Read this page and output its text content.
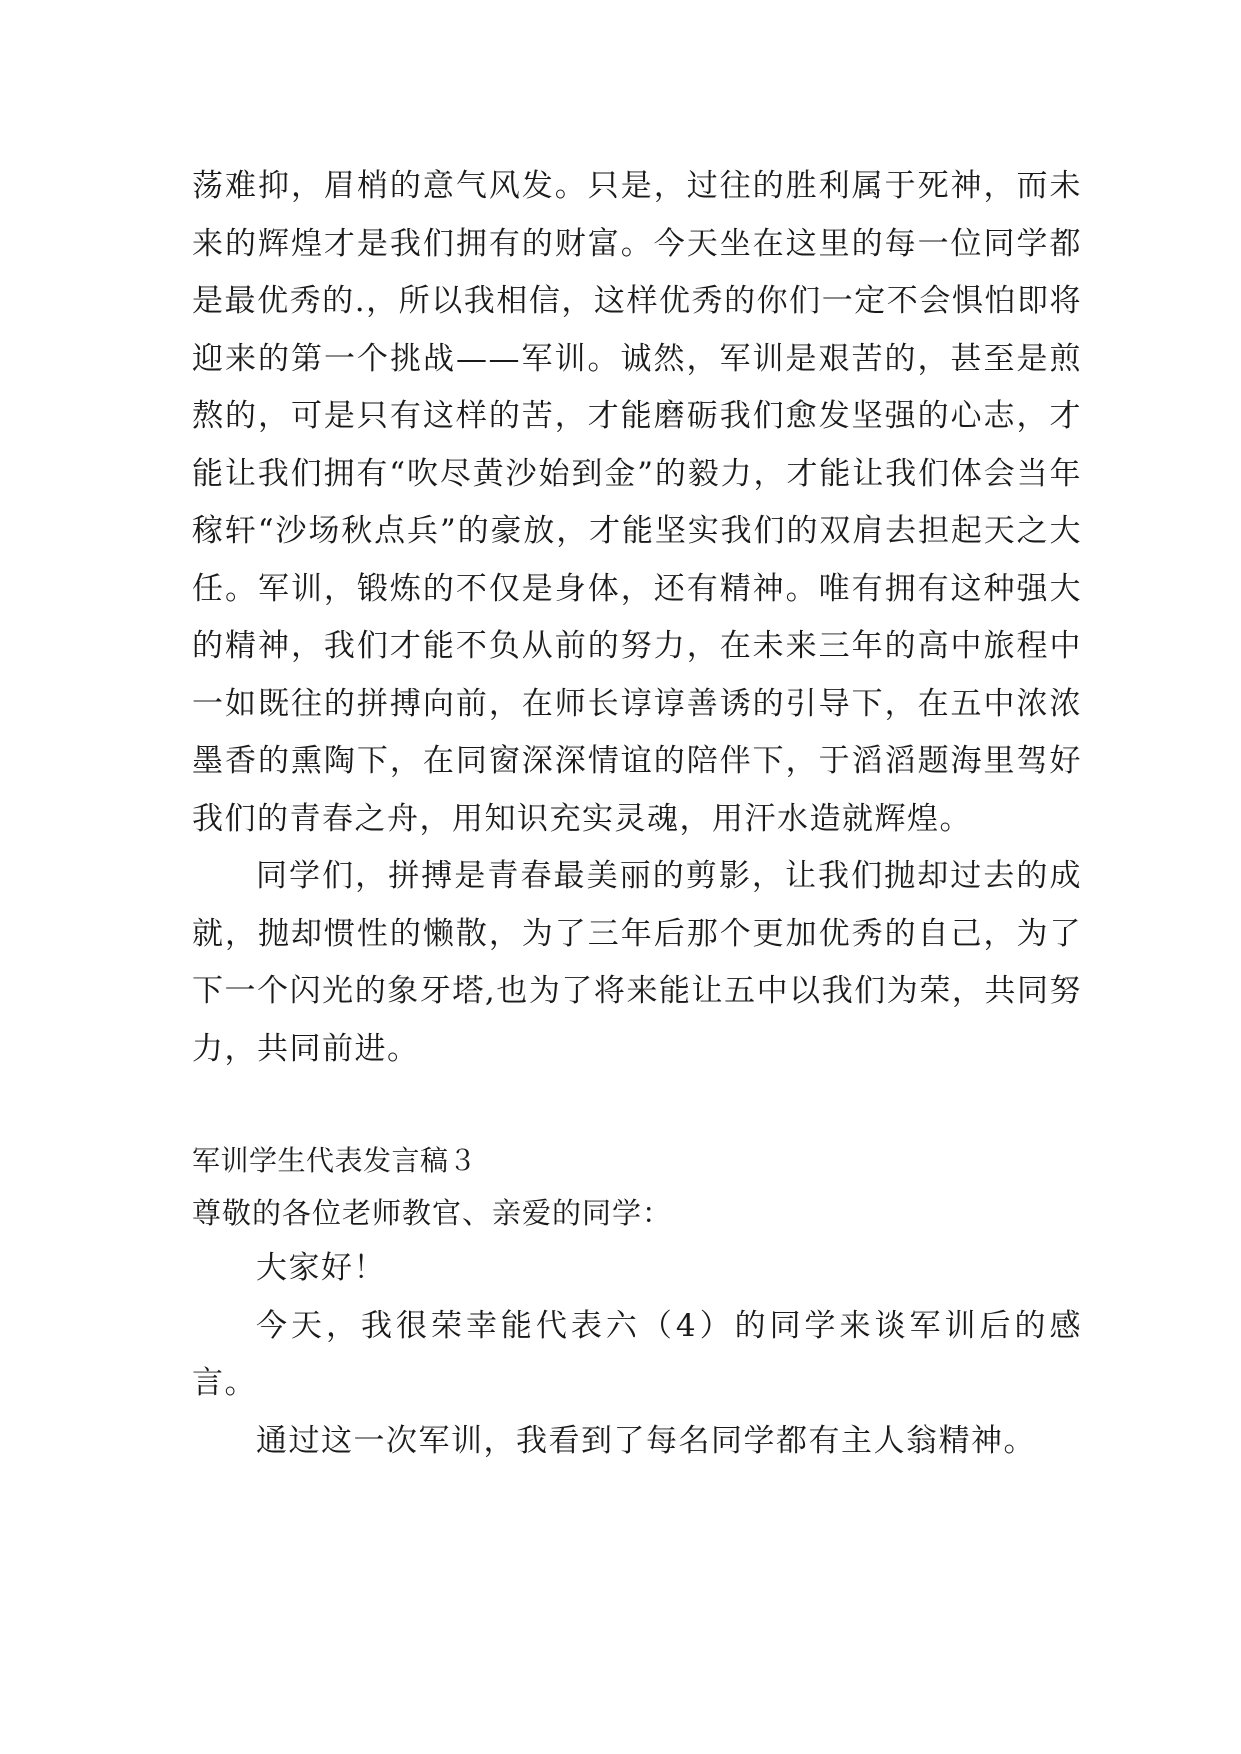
荡难抑，眉梢的意气风发。只是，过往的胜利属于死神，而未来的辉煌才是我们拥有的财富。今天坐在这里的每一位同学都是最优秀的.，所以我相信，这样优秀的你们一定不会惧怕即将迎来的第一个挑战——军训。诚然，军训是艰苦的，甚至是煎熬的，可是只有这样的苦，才能磨砺我们愈发坚强的心志，才能让我们拥有“吹尽黄沙始到金”的毅力，才能让我们体会当年稼轩“沙场秋点兵”的豪放，才能坚实我们的双肩去担起天之大任。军训，锻炼的不仅是身体，还有精神。唯有拥有这种强大的精神，我们才能不负从前的努力，在未来三年的高中旅程中一如既往的拼搏向前，在师长谆谆善诱的引导下，在五中浓浓墨香的熏陶下，在同窗深深情谊的陪伴下，于滔滔题海里驾好我们的青春之舟，用知识充实灵魂，用汗水造就辉煌。

同学们，拼搏是青春最美丽的剪影，让我们抛却过去的成就，抛却惯性的懒散，为了三年后那个更加优秀的自己，为了下一个闪光的象牙塔,也为了将来能让五中以我们为荣，共同努力，共同前进。

军训学生代表发言稿３

尊敬的各位老师教官、亲爱的同学：

大家好！

今天，我很荣幸能代表六（4）的同学来谈军训后的感言。

通过这一次军训，我看到了每名同学都有主人翁精神。
